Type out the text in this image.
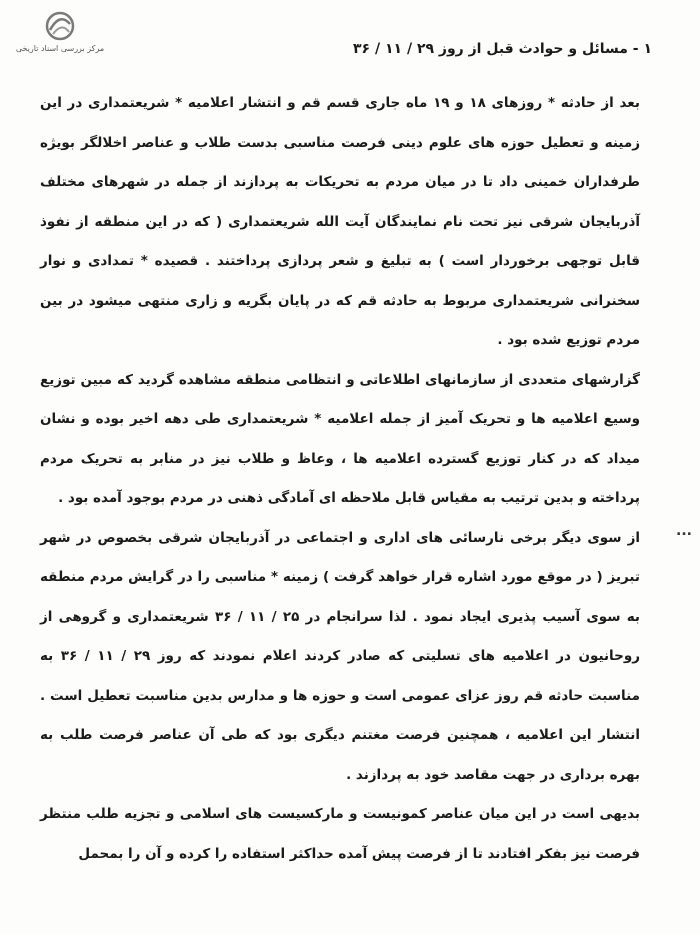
مرکز بررسی اسناد تاریخی	۱ - مسائل و حوادث قبل از روز ۲۹ / ۱۱ / ۳۶

بعد از حادثه * روزهای ۱۸ و ۱۹ ماه جاری قسم قم و انتشار اعلامیه * شریعتمداری در این زمینه و تعطیل حوزه های علوم دینی فرصت مناسبی بدست طلاب و عناصر اخلالگر بویژه طرفداران خمینی داد تا در میان مردم به تحریکات به پردازند از جمله در شهرهای مختلف آذربایجان شرقی نیز تحت نام نمایندگان آیت الله شریعتمداری ( که در این منطقه از نفوذ قابل توجهی برخوردار است ) به تبلیغ و شعر پردازی پرداختند . قصیده * تمدادی و نوار سخنرانی شریعتمداری مربوط به حادثه قم که در پایان بگریه و زاری منتهی میشود در بین مردم توزیع شده بود .

گزارشهای متعددی از سازمانهای اطلاعاتی و انتظامی منطقه مشاهده گردید که مبین توزیع وسیع اعلامیه ها و تحریک آمیز از جمله اعلامیه * شریعتمداری طی دهه اخیر بوده و نشان میداد که در کنار توزیع گسترده اعلامیه ها ، وعاظ و طلاب نیز در منابر به تحریک مردم پرداخته و بدین ترتیب به مقیاس قابل ملاحظه ای آمادگی ذهنی در مردم بوجود آمده بود .

...

از سوی دیگر برخی نارسائی های اداری و اجتماعی در آذربایجان شرقی بخصوص در شهر تبریز ( در موقع مورد اشاره قرار خواهد گرفت ) زمینه * مناسبی را در گرایش مردم منطقه به سوی آسیب پذیری ایجاد نمود . لذا سرانجام در ۲۵ / ۱۱ / ۳۶ شریعتمداری و گروهی از روحانیون در اعلامیه های تسلیتی که صادر کردند اعلام نمودند که روز ۲۹ / ۱۱ / ۳۶ به مناسبت حادثه قم روز عزای عمومی است و حوزه ها و مدارس بدین مناسبت تعطیل است . انتشار این اعلامیه ، همچنین فرصت مغتنم دیگری بود که طی آن عناصر فرصت طلب به بهره برداری در جهت مقاصد خود به پردازند .

بدیهی است در این میان عناصر کمونیست و مارکسیست های اسلامی و تجزیه طلب منتظر فرصت نیز بفکر افتادند تا از فرصت پیش آمده حداکثر استفاده را کرده و آن را بمحمل
